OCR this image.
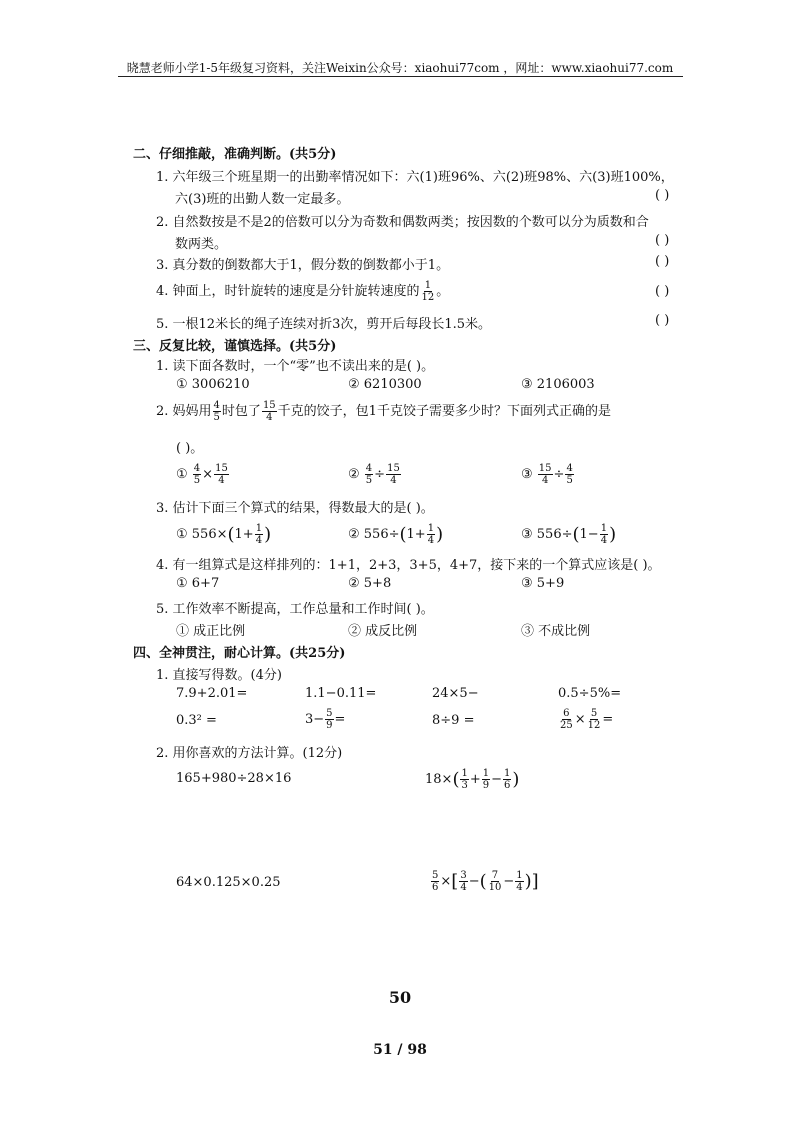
晓慧老师小学1-5年级复习资料，关注Weixin公众号：xiaohui77com ，网址：www.xiaohui77.com
二、仔细推敲，准确判断。(共5分)
1. 六年级三个班星期一的出勤率情况如下：六(1)班96%、六(2)班98%、六(3)班100%，
六(3)班的出勤人数一定最多。	( )
2. 自然数按是不是2的倍数可以分为奇数和偶数两类；按因数的个数可以分为质数和合
数两类。	( )
3. 真分数的倒数都大于1，假分数的倒数都小于1。	( )
4. 钟面上，时针旋转的速度是分针旋转速度的 $\frac{1}{12}$ 。	( )
5. 一根12米长的绳子连续对折3次，剪开后每段长1.5米。	( )
三、反复比较，谨慎选择。(共5分)
1. 读下面各数时，一个“零”也不读出来的是( )。
① 3006210	② 6210300	③ 2106003
2. 妈妈用 $\frac{4}{5}$ 时包了 $\frac{15}{4}$ 千克的饺子，包1千克饺子需要多少时？下面列式正确的是
( )。
① $\frac{4}{5} \times \frac{15}{4}$	② $\frac{4}{5} \div \frac{15}{4}$	③ $\frac{15}{4} \div \frac{4}{5}$
3. 估计下面三个算式的结果，得数最大的是( )。
① $556\times(1+ \frac{1}{4}$ )	② $556\div(1+ \frac{1}{4}$ )	③ $556\div(1- \frac{1}{4}$ )
4. 有一组算式是这样排列的：1+1，2+3，3+5，4+7，接下来的一个算式应该是( )。
① 6+7	② 5+8	③ 5+9
5. 工作效率不断提高，工作总量和工作时间( )。
① 成正比例	② 成反比例	③ 不成比例
四、全神贯注，耐心计算。(共25分)
1. 直接写得数。(4分)
7.9+2.01=	1.1−0.11=	24×5−	0.5÷5%=
0.3² =	$3- \frac{5}{9}$ =	8÷9 =	$\frac{6}{25} \times \frac{5}{12}$ =
2. 用你喜欢的方法计算。(12分)
165+980÷28×16	$18\times( \frac{1}{3} + \frac{1}{9} - \frac{1}{6}$ )
64×0.125×0.25	$\frac{5}{6}$ ×[ $\frac{3}{4}$ −( $\frac{7}{10} - \frac{1}{4}$ )]
50
51 / 98
